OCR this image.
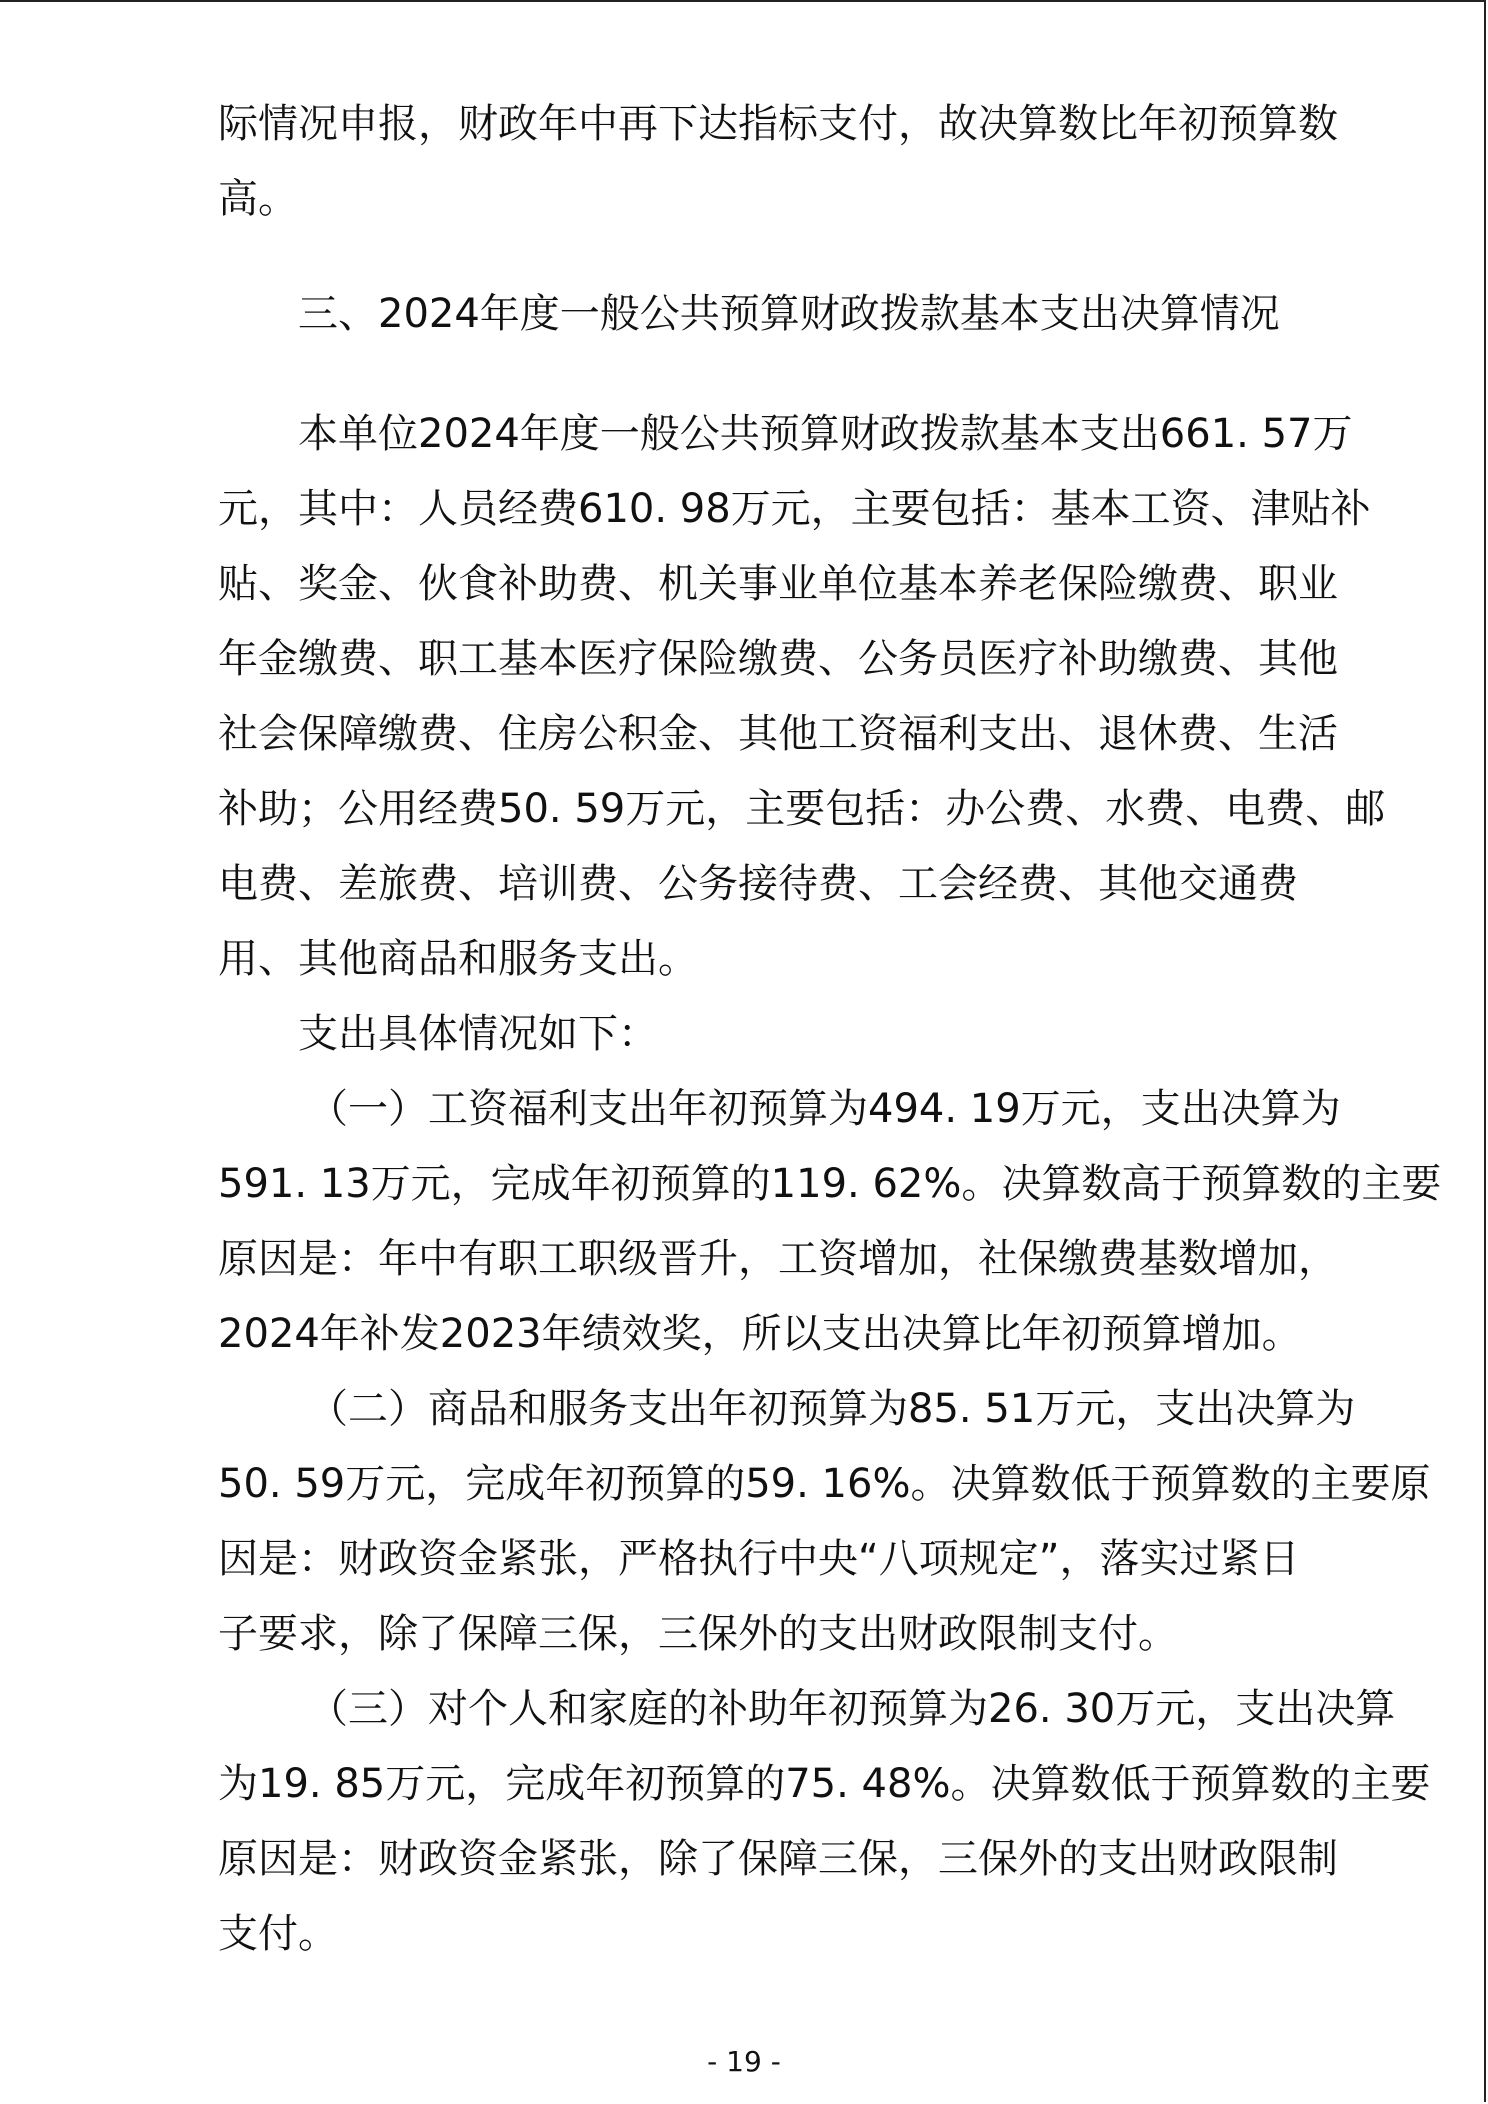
际情况申报，财政年中再下达指标支付，故决算数比年初预算数
高。
三、2024年度一般公共预算财政拨款基本支出决算情况
本单位2024年度一般公共预算财政拨款基本支出661. 57万
元，其中：人员经费610. 98万元，主要包括：基本工资、津贴补
贴、奖金、伙食补助费、机关事业单位基本养老保险缴费、职业
年金缴费、职工基本医疗保险缴费、公务员医疗补助缴费、其他
社会保障缴费、住房公积金、其他工资福利支出、退休费、生活
补助；公用经费50. 59万元，主要包括：办公费、水费、电费、邮
电费、差旅费、培训费、公务接待费、工会经费、其他交通费
用、其他商品和服务支出。
支出具体情况如下：
（一）工资福利支出年初预算为494. 19万元，支出决算为
591. 13万元，完成年初预算的119. 62%。决算数高于预算数的主要
原因是：年中有职工职级晋升，工资增加，社保缴费基数增加，
2024年补发2023年绩效奖，所以支出决算比年初预算增加。
（二）商品和服务支出年初预算为85. 51万元，支出决算为
50. 59万元，完成年初预算的59. 16%。决算数低于预算数的主要原
因是：财政资金紧张，严格执行中央“八项规定”，落实过紧日
子要求，除了保障三保，三保外的支出财政限制支付。
（三）对个人和家庭的补助年初预算为26. 30万元，支出决算
为19. 85万元，完成年初预算的75. 48%。决算数低于预算数的主要
原因是：财政资金紧张，除了保障三保，三保外的支出财政限制
支付。
- 19 -
